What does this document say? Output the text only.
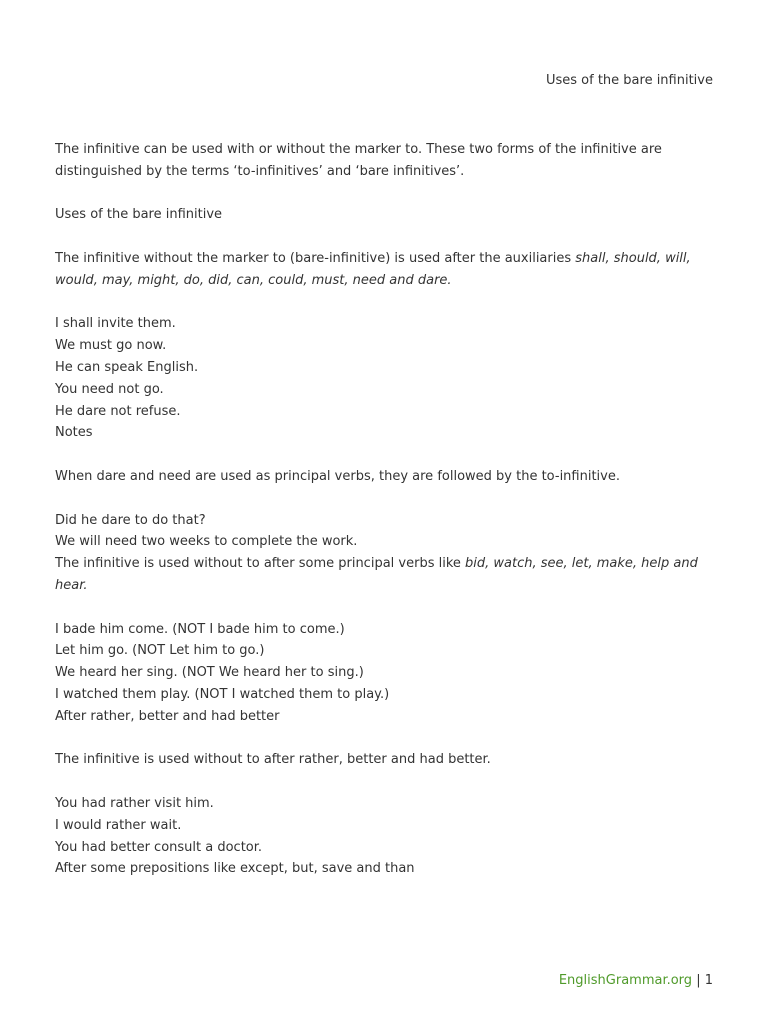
Uses of the bare infinitive

The infinitive can be used with or without the marker to. These two forms of the infinitive are distinguished by the terms ‘to-infinitives’ and ‘bare infinitives’.

Uses of the bare infinitive

The infinitive without the marker to (bare-infinitive) is used after the auxiliaries shall, should, will, would, may, might, do, did, can, could, must, need and dare.

I shall invite them.

We must go now.

He can speak English.

You need not go.

He dare not refuse.

Notes

When dare and need are used as principal verbs, they are followed by the to-infinitive.

Did he dare to do that?

We will need two weeks to complete the work.

The infinitive is used without to after some principal verbs like bid, watch, see, let, make, help and hear.

I bade him come. (NOT I bade him to come.)

Let him go. (NOT Let him to go.)

We heard her sing. (NOT We heard her to sing.)

I watched them play. (NOT I watched them to play.)

After rather, better and had better

The infinitive is used without to after rather, better and had better.

You had rather visit him.

I would rather wait.

You had better consult a doctor.

After some prepositions like except, but, save and than

EnglishGrammar.org | 1
